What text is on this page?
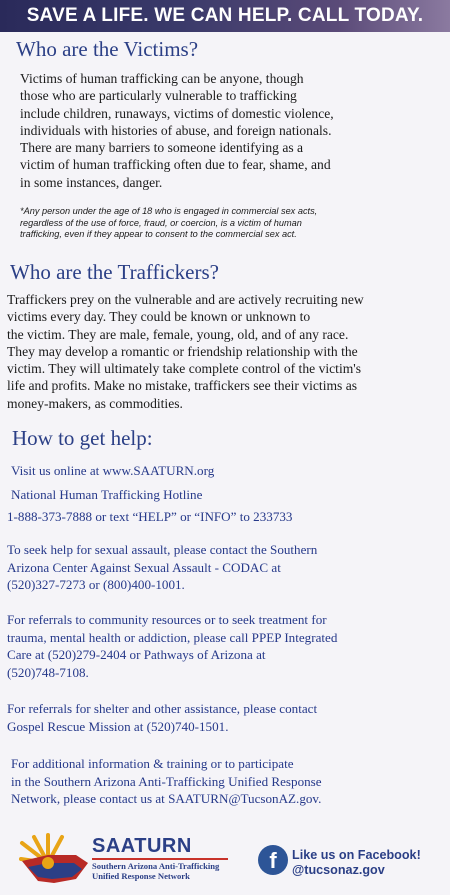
SAVE A LIFE. WE CAN HELP. CALL TODAY.
Who are the Victims?

Victims of human trafficking can be anyone, though
those who are particularly vulnerable to trafficking
include children, runaways, victims of domestic violence,
individuals with histories of abuse, and foreign nationals.
There are many barriers to someone identifying as a
victim of human trafficking often due to fear, shame, and
in some instances, danger.

*Any person under the age of 18 who is engaged in commercial sex acts,
regardless of the use of force, fraud, or coercion, is a victim of human
trafficking, even if they appear to consent to the commercial sex act.

Who are the Traffickers?

Traffickers prey on the vulnerable and are actively recruiting new
victims every day. They could be known or unknown to
the victim. They are male, female, young, old, and of any race.
They may develop a romantic or friendship relationship with the
victim. They will ultimately take complete control of the victim's
life and profits. Make no mistake, traffickers see their victims as
money-makers, as commodities.

How to get help:

Visit us online at www.SAATURN.org

National Human Trafficking Hotline

1-888-373-7888 or text “HELP” or “INFO” to 233733

To seek help for sexual assault, please contact the Southern
Arizona Center Against Sexual Assault - CODAC at
(520)327-7273 or (800)400-1001.

For referrals to community resources or to seek treatment for
trauma, mental health or addiction, please call PPEP Integrated
Care at (520)279-2404 or Pathways of Arizona at
(520)748-7108.

For referrals for shelter and other assistance, please contact
Gospel Rescue Mission at (520)740-1501.

For additional information & training or to participate
in the Southern Arizona Anti-Trafficking Unified Response
Network, please contact us at SAATURN@TucsonAZ.gov.

SAATURN

Southern Arizona Anti-Trafficking
Unified Response Network

f	Like us on Facebook!
@tucsonaz.gov
